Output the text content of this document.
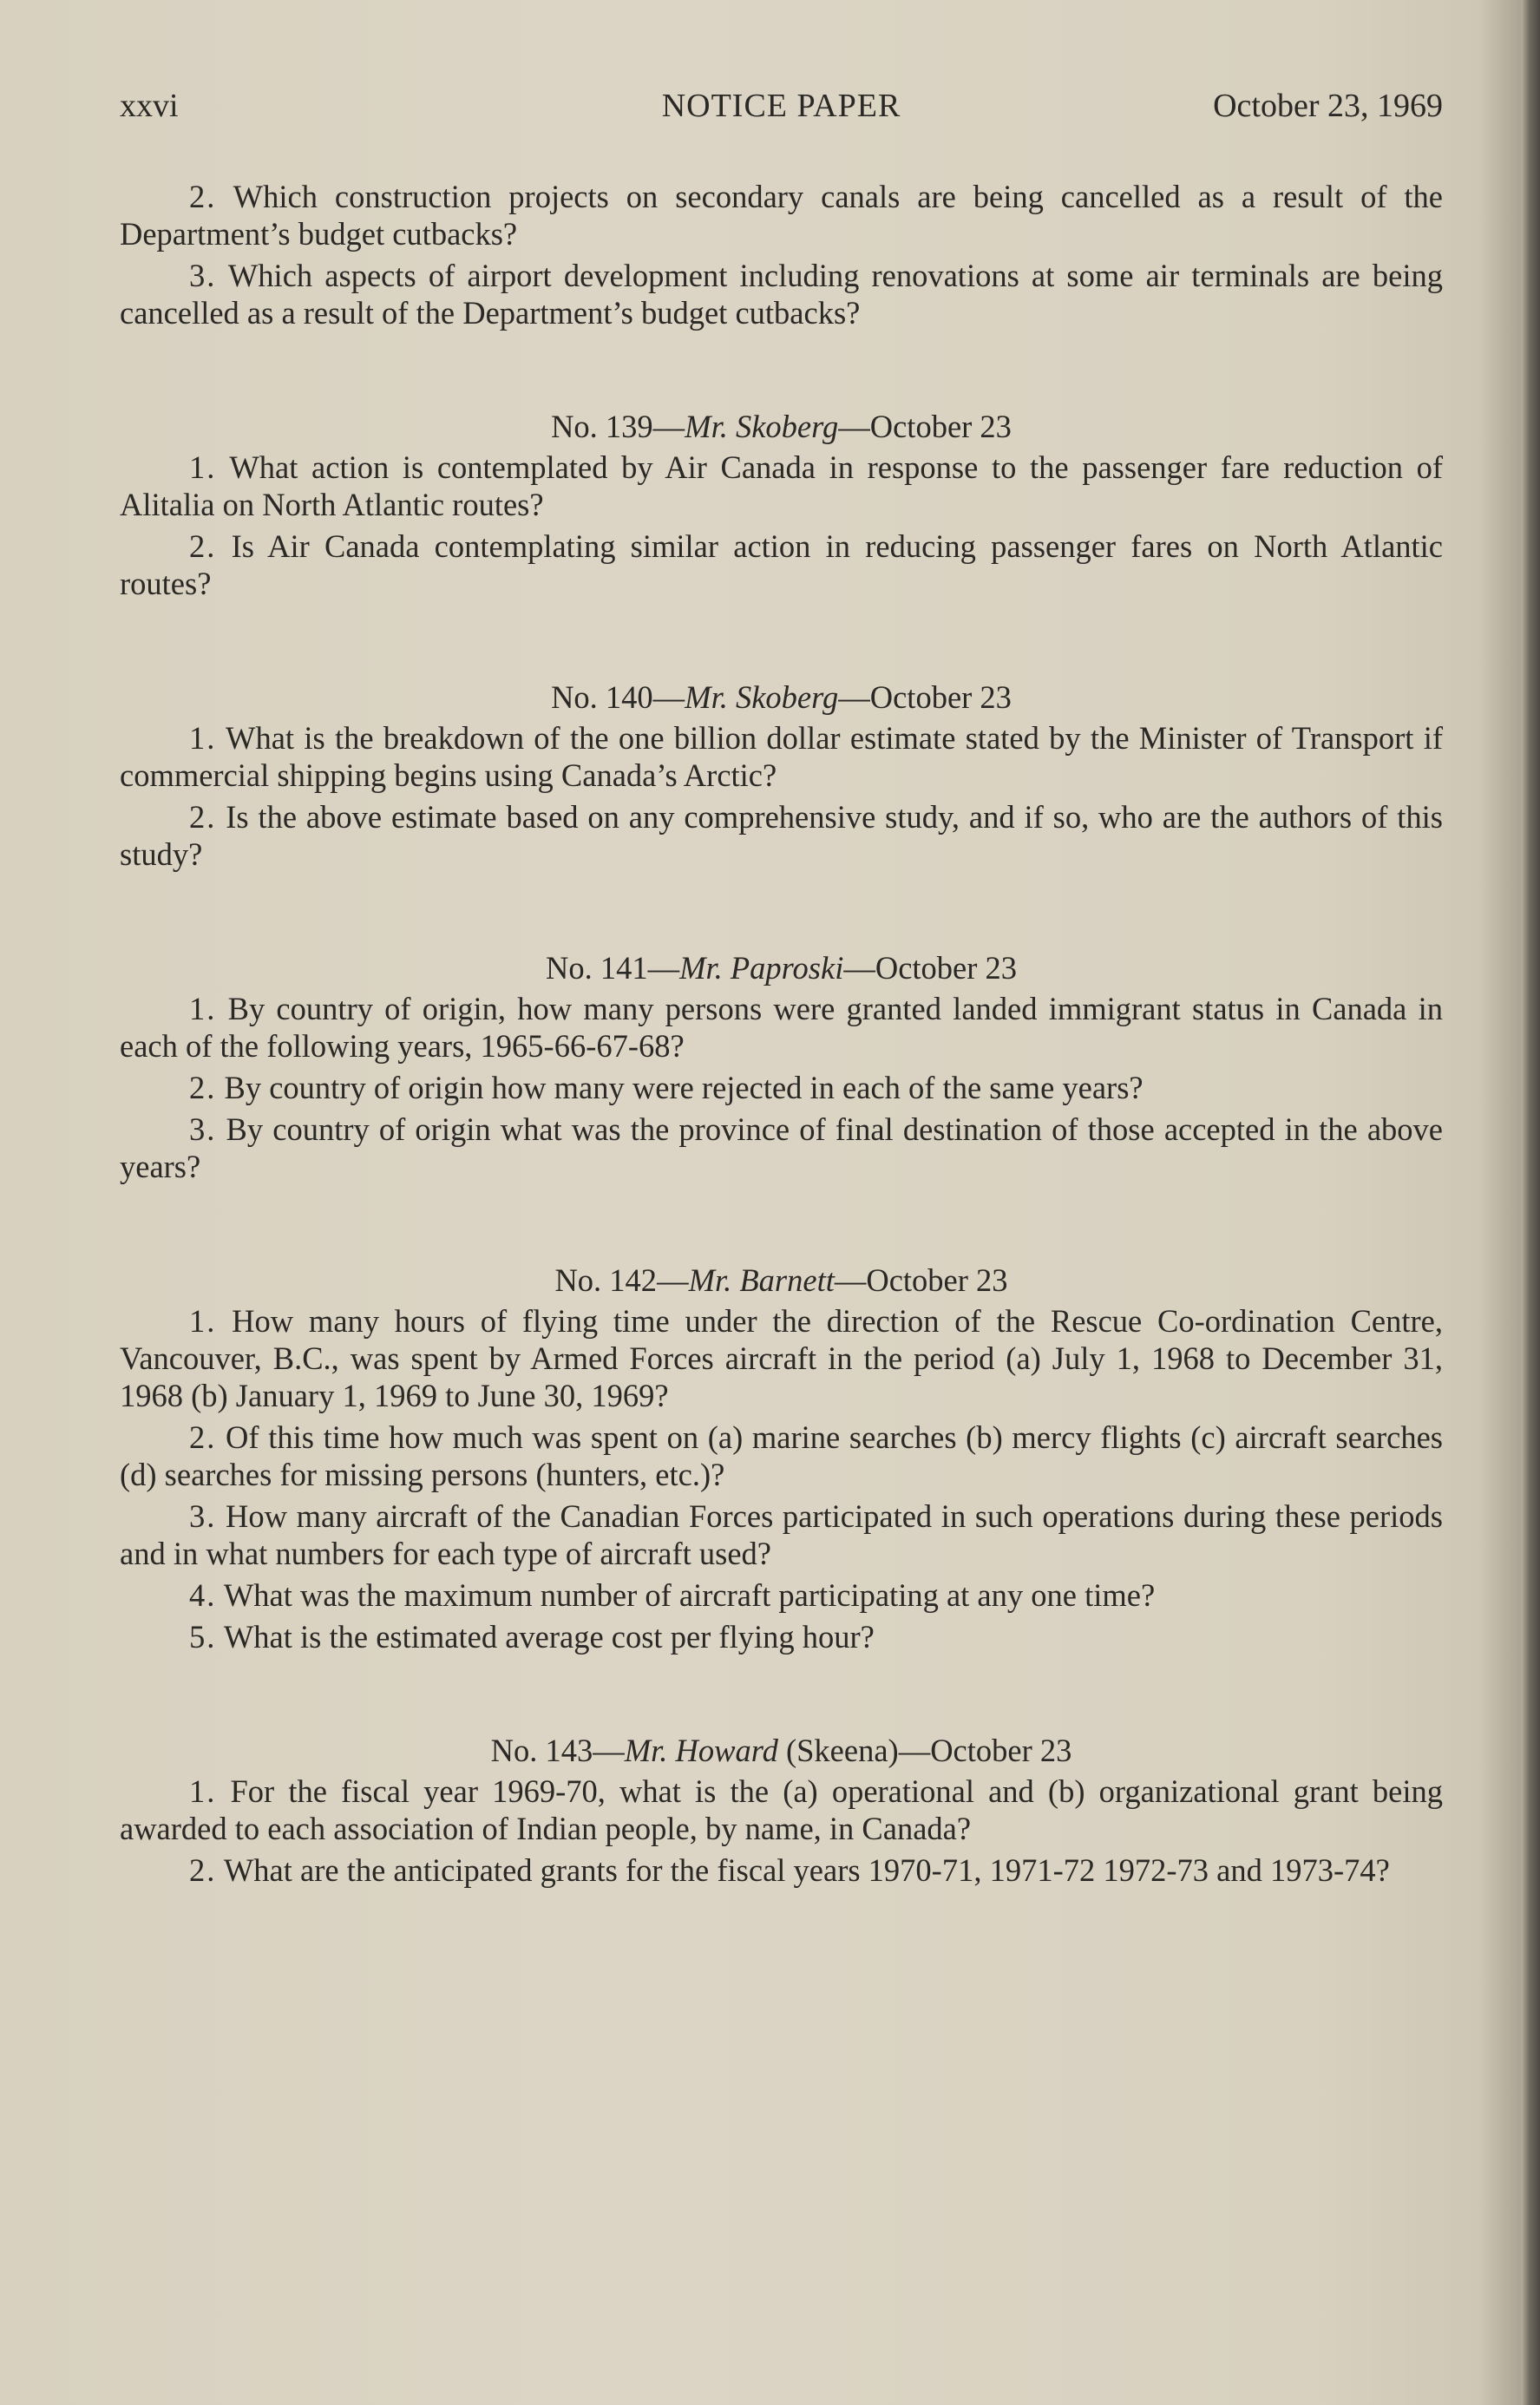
xxvi	NOTICE PAPER	October 23, 1969

2. Which construction projects on secondary canals are being cancelled as a result of the Department’s budget cutbacks?

3. Which aspects of airport development including renovations at some air terminals are being cancelled as a result of the Department’s budget cutbacks?

No. 139—Mr. Skoberg—October 23

1. What action is contemplated by Air Canada in response to the passenger fare reduction of Alitalia on North Atlantic routes?

2. Is Air Canada contemplating similar action in reducing passenger fares on North Atlantic routes?

No. 140—Mr. Skoberg—October 23

1. What is the breakdown of the one billion dollar estimate stated by the Minister of Transport if commercial shipping begins using Canada’s Arctic?

2. Is the above estimate based on any comprehensive study, and if so, who are the authors of this study?

No. 141—Mr. Paproski—October 23

1. By country of origin, how many persons were granted landed immigrant status in Canada in each of the following years, 1965-66-67-68?

2. By country of origin how many were rejected in each of the same years?

3. By country of origin what was the province of final destination of those accepted in the above years?

No. 142—Mr. Barnett—October 23

1. How many hours of flying time under the direction of the Rescue Co-ordination Centre, Vancouver, B.C., was spent by Armed Forces aircraft in the period (a) July 1, 1968 to December 31, 1968 (b) January 1, 1969 to June 30, 1969?

2. Of this time how much was spent on (a) marine searches (b) mercy flights (c) aircraft searches (d) searches for missing persons (hunters, etc.)?

3. How many aircraft of the Canadian Forces participated in such operations during these periods and in what numbers for each type of aircraft used?

4. What was the maximum number of aircraft participating at any one time?

5. What is the estimated average cost per flying hour?

No. 143—Mr. Howard (Skeena)—October 23

1. For the fiscal year 1969-70, what is the (a) operational and (b) organizational grant being awarded to each association of Indian people, by name, in Canada?

2. What are the anticipated grants for the fiscal years 1970-71, 1971-72 1972-73 and 1973-74?
